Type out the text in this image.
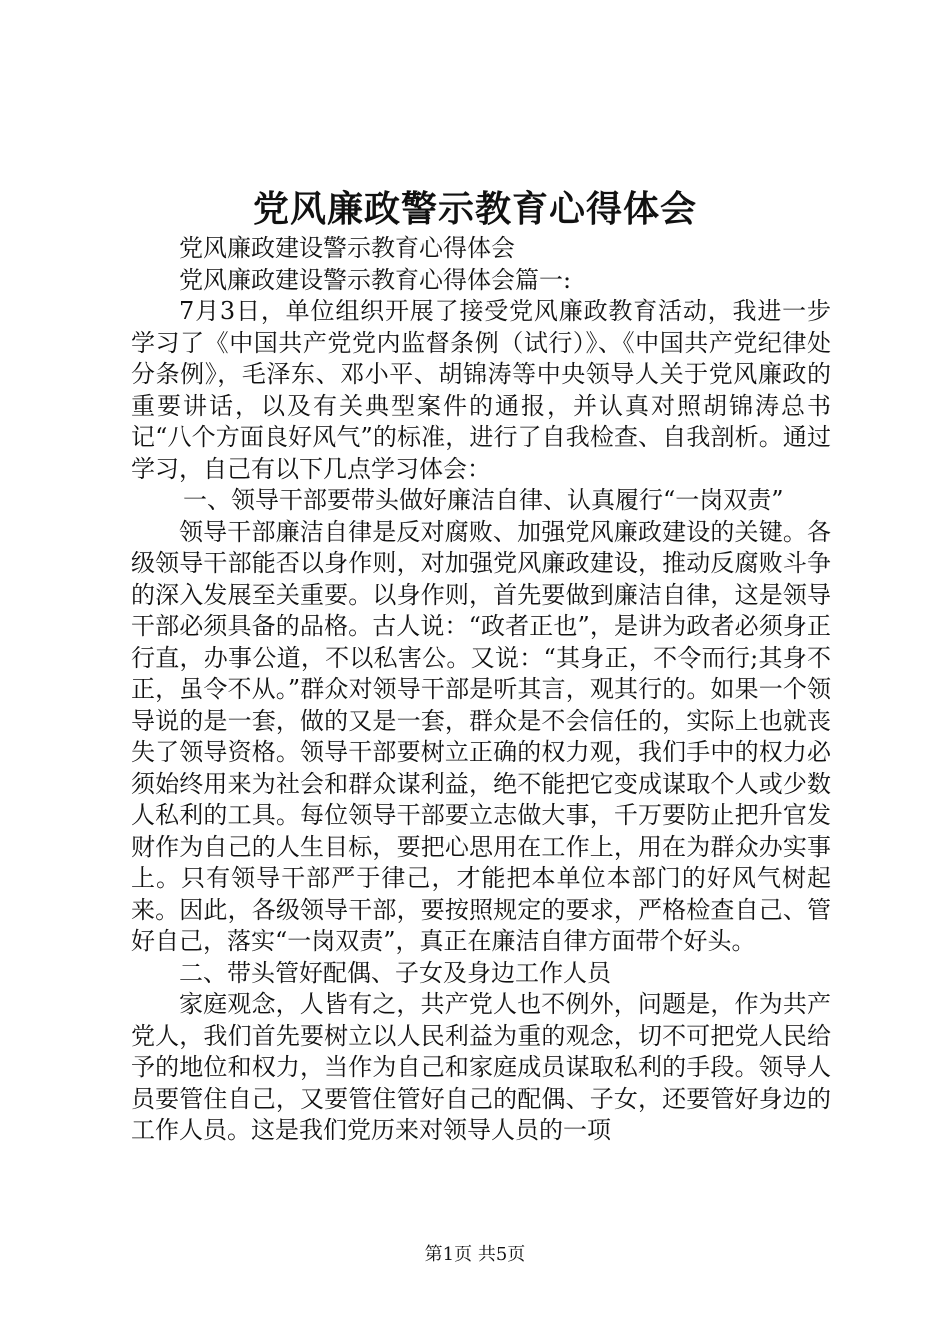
党风廉政警示教育心得体会

党风廉政建设警示教育心得体会

党风廉政建设警示教育心得体会篇一:

7月3日，单位组织开展了接受党风廉政教育活动，我进一步学习了《中国共产党党内监督条例（试行）》、《中国共产党纪律处分条例》，毛泽东、邓小平、胡锦涛等中央领导人关于党风廉政的重要讲话，以及有关典型案件的通报，并认真对照胡锦涛总书记“八个方面良好风气”的标准，进行了自我检查、自我剖析。通过学习，自己有以下几点学习体会：

一、领导干部要带头做好廉洁自律、认真履行“一岗双责”

领导干部廉洁自律是反对腐败、加强党风廉政建设的关键。各级领导干部能否以身作则，对加强党风廉政建设，推动反腐败斗争的深入发展至关重要。以身作则，首先要做到廉洁自律，这是领导干部必须具备的品格。古人说：“政者正也”，是讲为政者必须身正行直，办事公道，不以私害公。又说：“其身正，不令而行;其身不正，虽令不从。”群众对领导干部是听其言，观其行的。如果一个领导说的是一套，做的又是一套，群众是不会信任的，实际上也就丧失了领导资格。领导干部要树立正确的权力观，我们手中的权力必须始终用来为社会和群众谋利益，绝不能把它变成谋取个人或少数人私利的工具。每位领导干部要立志做大事，千万要防止把升官发财作为自己的人生目标，要把心思用在工作上，用在为群众办实事上。只有领导干部严于律己，才能把本单位本部门的好风气树起来。因此，各级领导干部，要按照规定的要求，严格检查自己、管好自己，落实“一岗双责”，真正在廉洁自律方面带个好头。

二、带头管好配偶、子女及身边工作人员

家庭观念，人皆有之，共产党人也不例外，问题是，作为共产党人，我们首先要树立以人民利益为重的观念，切不可把党人民给予的地位和权力，当作为自己和家庭成员谋取私利的手段。领导人员要管住自己，又要管住管好自己的配偶、子女，还要管好身边的工作人员。这是我们党历来对领导人员的一项

第1页 共5页
